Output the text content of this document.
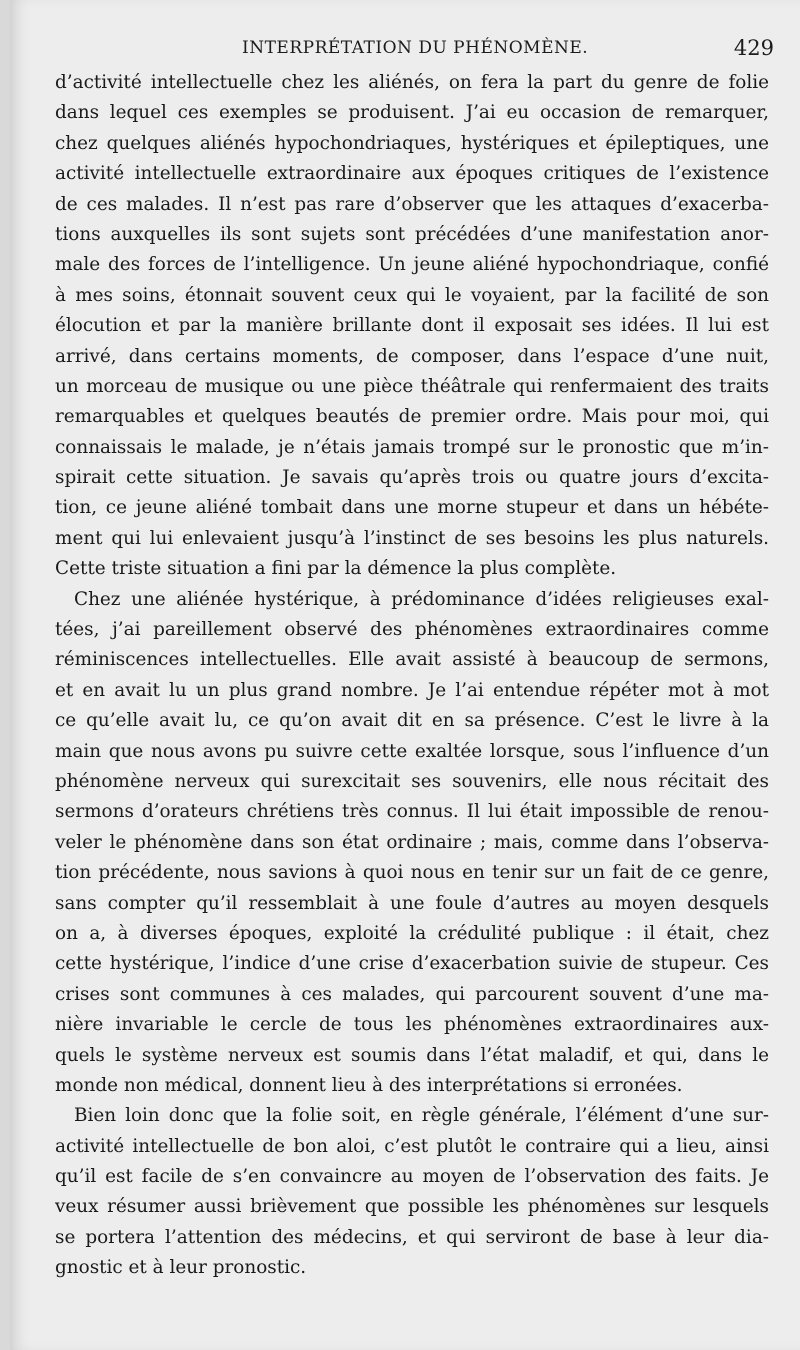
INTERPRÉTATION DU PHÉNOMÈNE.	429
d’activité intellectuelle chez les aliénés, on fera la part du genre de folie
dans lequel ces exemples se produisent. J’ai eu occasion de remarquer,
chez quelques aliénés hypochondriaques, hystériques et épileptiques, une
activité intellectuelle extraordinaire aux époques critiques de l’existence
de ces malades. Il n’est pas rare d’observer que les attaques d’exacerba-
tions auxquelles ils sont sujets sont précédées d’une manifestation anor-
male des forces de l’intelligence. Un jeune aliéné hypochondriaque, confié
à mes soins, étonnait souvent ceux qui le voyaient, par la facilité de son
élocution et par la manière brillante dont il exposait ses idées. Il lui est
arrivé, dans certains moments, de composer, dans l’espace d’une nuit,
un morceau de musique ou une pièce théâtrale qui renfermaient des traits
remarquables et quelques beautés de premier ordre. Mais pour moi, qui
connaissais le malade, je n’étais jamais trompé sur le pronostic que m’in-
spirait cette situation. Je savais qu’après trois ou quatre jours d’excita-
tion, ce jeune aliéné tombait dans une morne stupeur et dans un hébéte-
ment qui lui enlevaient jusqu’à l’instinct de ses besoins les plus naturels.
Cette triste situation a fini par la démence la plus complète.
Chez une aliénée hystérique, à prédominance d’idées religieuses exal-
tées, j’ai pareillement observé des phénomènes extraordinaires comme
réminiscences intellectuelles. Elle avait assisté à beaucoup de sermons,
et en avait lu un plus grand nombre. Je l’ai entendue répéter mot à mot
ce qu’elle avait lu, ce qu’on avait dit en sa présence. C’est le livre à la
main que nous avons pu suivre cette exaltée lorsque, sous l’influence d’un
phénomène nerveux qui surexcitait ses souvenirs, elle nous récitait des
sermons d’orateurs chrétiens très connus. Il lui était impossible de renou-
veler le phénomène dans son état ordinaire ; mais, comme dans l’observa-
tion précédente, nous savions à quoi nous en tenir sur un fait de ce genre,
sans compter qu’il ressemblait à une foule d’autres au moyen desquels
on a, à diverses époques, exploité la crédulité publique : il était, chez
cette hystérique, l’indice d’une crise d’exacerbation suivie de stupeur. Ces
crises sont communes à ces malades, qui parcourent souvent d’une ma-
nière invariable le cercle de tous les phénomènes extraordinaires aux-
quels le système nerveux est soumis dans l’état maladif, et qui, dans le
monde non médical, donnent lieu à des interprétations si erronées.
Bien loin donc que la folie soit, en règle générale, l’élément d’une sur-
activité intellectuelle de bon aloi, c’est plutôt le contraire qui a lieu, ainsi
qu’il est facile de s’en convaincre au moyen de l’observation des faits. Je
veux résumer aussi brièvement que possible les phénomènes sur lesquels
se portera l’attention des médecins, et qui serviront de base à leur dia-
gnostic et à leur pronostic.
